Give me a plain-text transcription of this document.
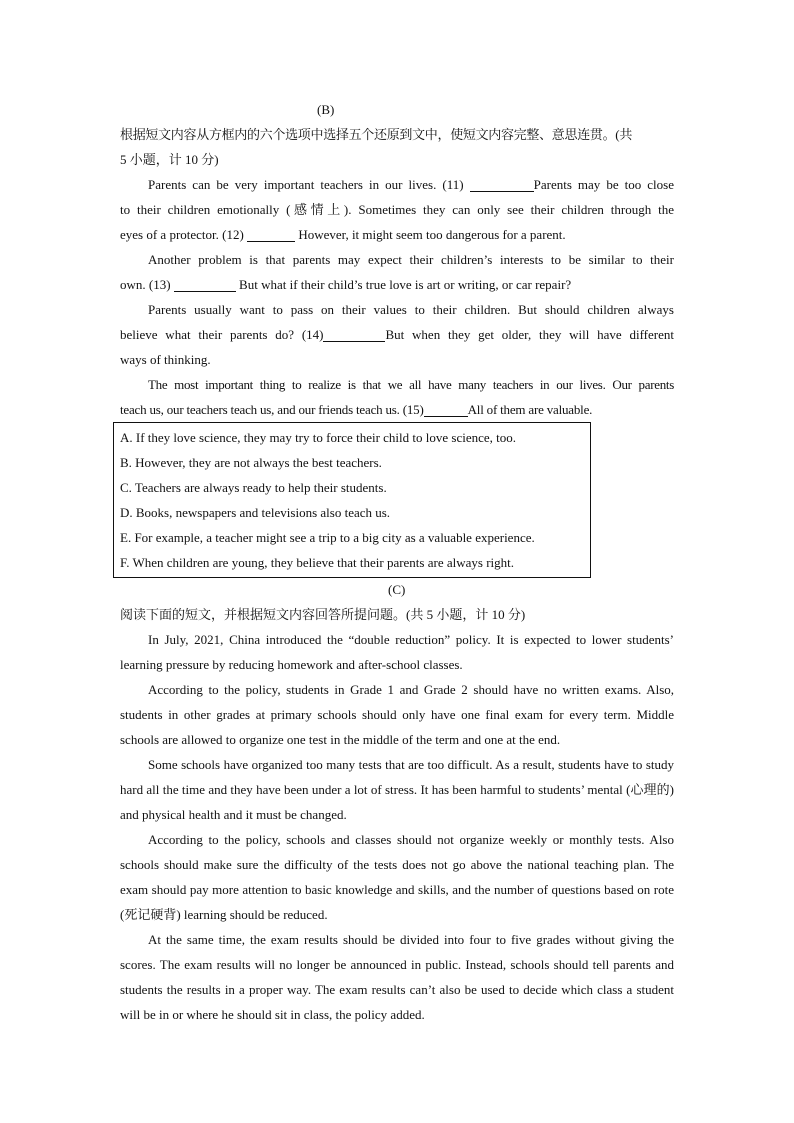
(B)
根据短文内容从方框内的六个选项中选择五个还原到文中，使短文内容完整、意思连贯。(共
5 小题，计 10 分)
Parents can be very important teachers in our lives. (11)	Parents may be too close
to their children emotionally (感情上). Sometimes they can only see their children through the
eyes of a protector. (12)	However, it might seem too dangerous for a parent.
Another problem is that parents may expect their children’s interests to be similar to their
own. (13)	But what if their child’s true love is art or writing, or car repair?
Parents usually want to pass on their values to their children. But should children always
believe what their parents do? (14)	But when they get older, they will have different
ways of thinking.
The most important thing to realize is that we all have many teachers in our lives. Our parents
teach us, our teachers teach us, and our friends teach us. (15)	All of them are valuable.
A. If they love science, they may try to force their child to love science, too.
B. However, they are not always the best teachers.
C. Teachers are always ready to help their students.
D. Books, newspapers and televisions also teach us.
E. For example, a teacher might see a trip to a big city as a valuable experience.
F. When children are young, they believe that their parents are always right.
(C)
阅读下面的短文，并根据短文内容回答所提问题。(共 5 小题，计 10 分)

In July, 2021, China introduced the “double reduction” policy. It is expected to lower students’ learning pressure by reducing homework and after-school classes.

According to the policy, students in Grade 1 and Grade 2 should have no written exams. Also, students in other grades at primary schools should only have one final exam for every term. Middle schools are allowed to organize one test in the middle of the term and one at the end.

Some schools have organized too many tests that are too difficult. As a result, students have to study hard all the time and they have been under a lot of stress. It has been harmful to students’ mental (心理的) and physical health and it must be changed.

According to the policy, schools and classes should not organize weekly or monthly tests. Also schools should make sure the difficulty of the tests does not go above the national teaching plan. The exam should pay more attention to basic knowledge and skills, and the number of questions based on rote (死记硬背) learning should be reduced.

At the same time, the exam results should be divided into four to five grades without giving the scores. The exam results will no longer be announced in public. Instead, schools should tell parents and students the results in a proper way. The exam results can’t also be used to decide which class a student will be in or where he should sit in class, the policy added.
